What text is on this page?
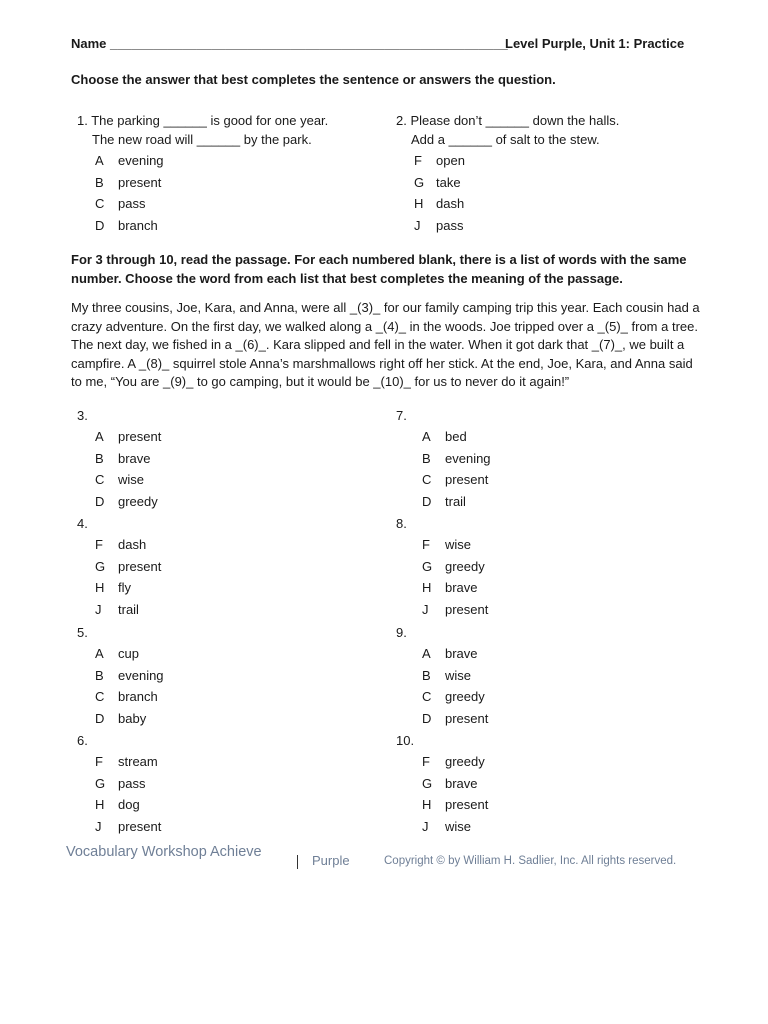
Name _______________________________________________________
Level Purple, Unit 1: Practice
Choose the answer that best completes the sentence or answers the question.
1. The parking ______ is good for one year.
The new road will ______ by the park.
A evening
B present
C pass
D branch
2. Please don’t ______ down the halls.
Add a ______ of salt to the stew.
F open
G take
H dash
J pass
For 3 through 10, read the passage. For each numbered blank, there is a list of words with the same number. Choose the word from each list that best completes the meaning of the passage.
My three cousins, Joe, Kara, and Anna, were all _(3)_ for our family camping trip this year. Each cousin had a
crazy adventure. On the first day, we walked along a _(4)_ in the woods. Joe tripped over a _(5)_ from a tree.
The next day, we fished in a _(6)_. Kara slipped and fell in the water. When it got dark that _(7)_, we built a
campfire. A _(8)_ squirrel stole Anna’s marshmallows right off her stick. At the end, Joe, Kara, and Anna said
to me, “You are _(9)_ to go camping, but it would be _(10)_ for us to never do it again!”
3.
A present
B brave
C wise
D greedy
4.
F dash
G present
H fly
J trail
5.
A cup
B evening
C branch
D baby
6.
F stream
G pass
H dog
J present
7.
A bed
B evening
C present
D trail
8.
F wise
G greedy
H brave
J present
9.
A brave
B wise
C greedy
D present
10.
F greedy
G brave
H present
J wise
Vocabulary Workshop Achieve
Purple	Copyright © by William H. Sadlier, Inc. All rights reserved.
